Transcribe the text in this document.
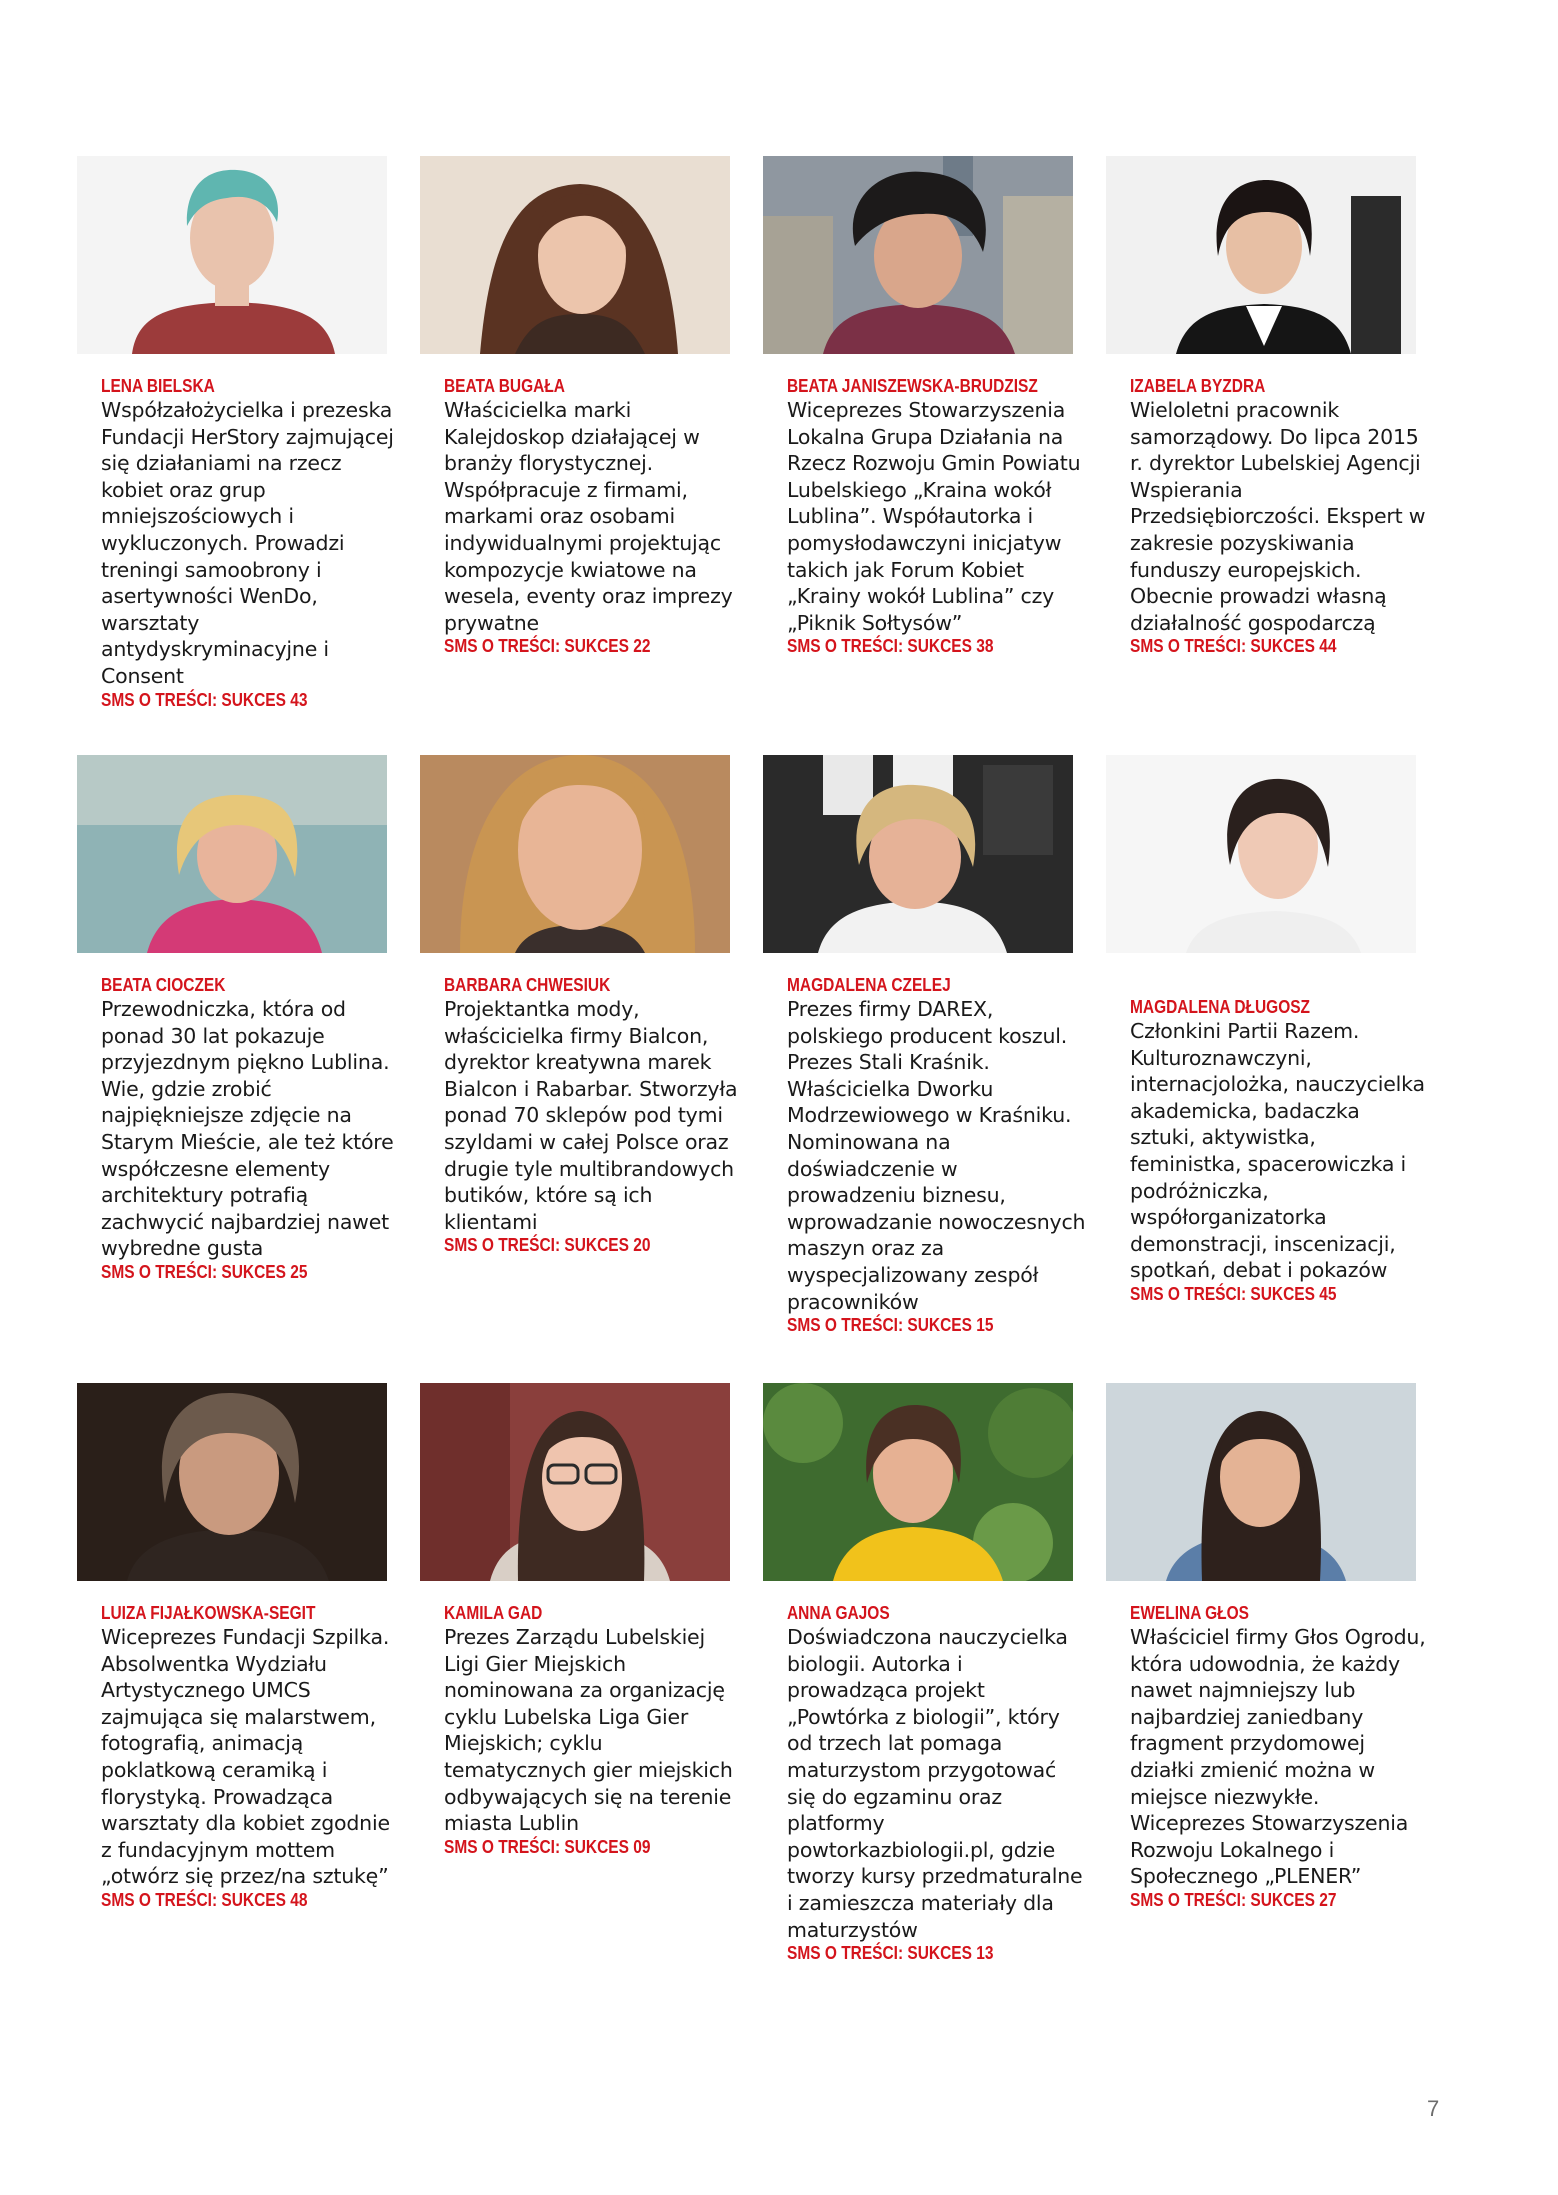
LENA BIELSKA
Współzałożycielka i prezeska Fundacji HerStory zajmującej się działaniami na rzecz kobiet oraz grup mniejszościowych i wykluczonych. Prowadzi treningi samoobrony i asertywności WenDo, warsztaty antydyskryminacyjne i Consent
SMS O TREŚCI: SUKCES 43
BEATA BUGAŁA
Właścicielka marki Kalejdoskop działającej w branży florystycznej. Współpracuje z firmami, markami oraz osobami indywidualnymi projektując kompozycje kwiatowe na wesela, eventy oraz imprezy prywatne
SMS O TREŚCI: SUKCES 22
BEATA JANISZEWSKA-BRUDZISZ
Wiceprezes Stowarzyszenia Lokalna Grupa Działania na Rzecz Rozwoju Gmin Powiatu Lubelskiego „Kraina wokół Lublina”. Współautorka i pomysłodawczyni inicjatyw takich jak Forum Kobiet „Krainy wokół Lublina” czy „Piknik Sołtysów”
SMS O TREŚCI: SUKCES 38
IZABELA BYZDRA
Wieloletni pracownik samorządowy. Do lipca 2015 r. dyrektor Lubelskiej Agencji Wspierania Przedsiębiorczości. Ekspert w zakresie pozyskiwania funduszy europejskich. Obecnie prowadzi własną działalność gospodarczą
SMS O TREŚCI: SUKCES 44
BEATA CIOCZEK
Przewodniczka, która od ponad 30 lat pokazuje przyjezdnym piękno Lublina. Wie, gdzie zrobić najpiękniejsze zdjęcie na Starym Mieście, ale też które współczesne elementy architektury potrafią zachwycić najbardziej nawet wybredne gusta
SMS O TREŚCI: SUKCES 25
BARBARA CHWESIUK
Projektantka mody, właścicielka firmy Bialcon, dyrektor kreatywna marek Bialcon i Rabarbar. Stworzyła ponad 70 sklepów pod tymi szyldami w całej Polsce oraz drugie tyle multibrandowych butików, które są ich klientami
SMS O TREŚCI: SUKCES 20
MAGDALENA CZELEJ
Prezes firmy DAREX, polskiego producent koszul. Prezes Stali Kraśnik. Właścicielka Dworku Modrzewiowego w Kraśniku. Nominowana na doświadczenie w prowadzeniu biznesu, wprowadzanie nowoczesnych maszyn oraz za wyspecjalizowany zespół pracowników
SMS O TREŚCI: SUKCES 15
MAGDALENA DŁUGOSZ
Członkini Partii Razem. Kulturoznawczyni, internacjolożka, nauczycielka akademicka, badaczka sztuki, aktywistka, feministka, spacerowiczka i podróżniczka, współorganizatorka demonstracji, inscenizacji, spotkań, debat i pokazów
SMS O TREŚCI: SUKCES 45
LUIZA FIJAŁKOWSKA-SEGIT
Wiceprezes Fundacji Szpilka. Absolwentka Wydziału Artystycznego UMCS zajmująca się malarstwem, fotografią, animacją poklatkową ceramiką i florystyką. Prowadząca warsztaty dla kobiet zgodnie z fundacyjnym mottem „otwórz się przez/na sztukę”
SMS O TREŚCI: SUKCES 48
KAMILA GAD
Prezes Zarządu Lubelskiej Ligi Gier Miejskich nominowana za organizację cyklu Lubelska Liga Gier Miejskich; cyklu tematycznych gier miejskich odbywających się na terenie miasta Lublin
SMS O TREŚCI: SUKCES 09
ANNA GAJOS
Doświadczona nauczycielka biologii. Autorka i prowadząca projekt „Powtórka z biologii”, który od trzech lat pomaga maturzystom przygotować się do egzaminu oraz platformy powtorkazbiologii.pl, gdzie tworzy kursy przedmaturalne i zamieszcza materiały dla maturzystów
SMS O TREŚCI: SUKCES 13
EWELINA GŁOS
Właściciel firmy Głos Ogrodu, która udowodnia, że każdy nawet najmniejszy lub najbardziej zaniedbany fragment przydomowej działki zmienić można w miejsce niezwykłe. Wiceprezes Stowarzyszenia Rozwoju Lokalnego i Społecznego „PLENER”
SMS O TREŚCI: SUKCES 27
7
